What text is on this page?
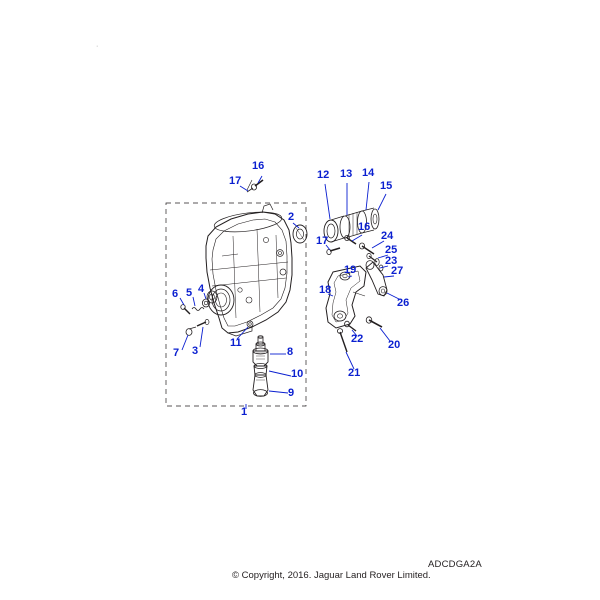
·
16
17	12 13 14
15
2
16
24
25
17
23
27
19
26
18
6 5 4
7 3
11	22 20
21
8
10
9
1
© Copyright, 2016. Jaguar Land Rover Limited.
ADCDGA2A
